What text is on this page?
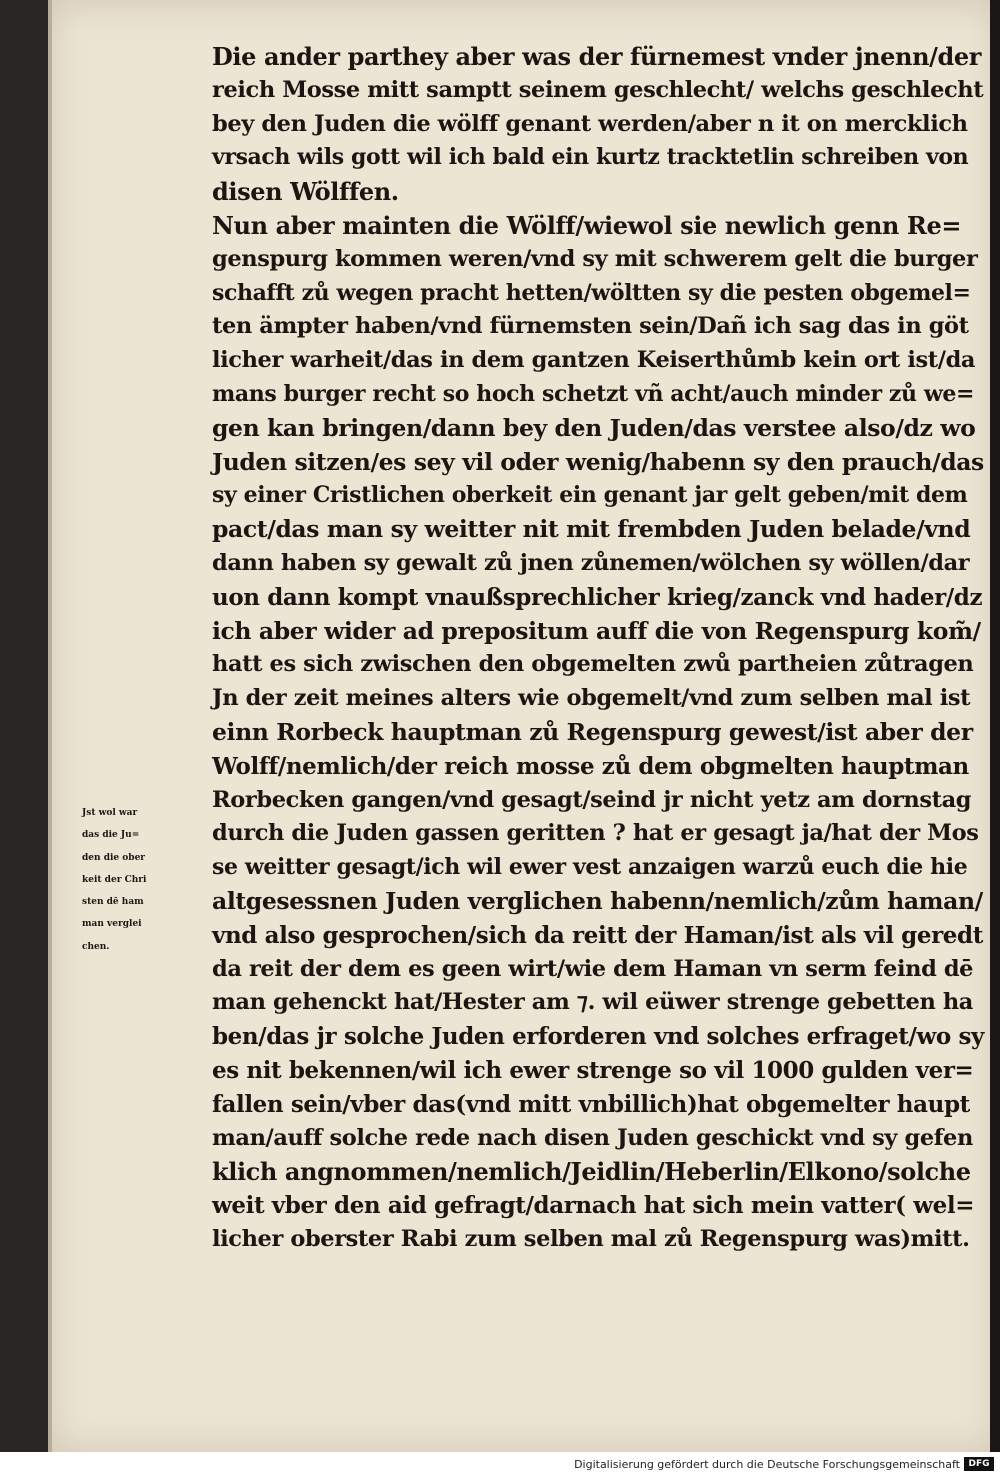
Die ander parthey aber was der fürnemest vnder jnenn/der
reich Mosse mitt samptt seinem geschlecht/ welchs geschlecht
bey den Juden die wölff genant werden/aber n it on mercklich
vrsach wils gott wil ich bald ein kurtz tracktetlin schreiben von
disen Wölffen.
Nun aber mainten die Wölff/wiewol sie newlich genn Re=
genspurg kommen weren/vnd sy mit schwerem gelt die burger
schafft zů wegen pracht hetten/wöltten sy die pesten obgemel=
ten ämpter haben/vnd fürnemsten sein/Dañ ich sag das in göt
licher warheit/das in dem gantzen Keiserthůmb kein ort ist/da
mans burger recht so hoch schetzt vñ acht/auch minder zů we=
gen kan bringen/dann bey den Juden/das verstee also/dz wo
Juden sitzen/es sey vil oder wenig/habenn sy den prauch/das
sy einer Cristlichen oberkeit ein genant jar gelt geben/mit dem
pact/das man sy weitter nit mit frembden Juden belade/vnd
dann haben sy gewalt zů jnen zůnemen/wölchen sy wöllen/dar
uon dann kompt vnaußsprechlicher krieg/zanck vnd hader/dz
ich aber wider ad prepositum auff die von Regenspurg kom̃/
hatt es sich zwischen den obgemelten zwů partheien zůtragen
Jn der zeit meines alters wie obgemelt/vnd zum selben mal ist
einn Rorbeck hauptman zů Regenspurg gewest/ist aber der
Wolff/nemlich/der reich mosse zů dem obgmelten hauptman
Rorbecken gangen/vnd gesagt/seind jr nicht yetz am dornstag
durch die Juden gassen geritten ? hat er gesagt ja/hat der Mos
se weitter gesagt/ich wil ewer vest anzaigen warzů euch die hie
altgesessnen Juden verglichen habenn/nemlich/zům haman/
vnd also gesprochen/sich da reitt der Haman/ist als vil geredt
da reit der dem es geen wirt/wie dem Haman vn serm feind dē
man gehenckt hat/Hester am ⁊. wil eüwer strenge gebetten ha
ben/das jr solche Juden erforderen vnd solches erfraget/wo sy
es nit bekennen/wil ich ewer strenge so vil 1000 gulden ver=
fallen sein/vber das(vnd mitt vnbillich)hat obgemelter haupt
man/auff solche rede nach disen Juden geschickt vnd sy gefen
klich angnommen/nemlich/Jeidlin/Heberlin/Elkono/solche
weit vber den aid gefragt/darnach hat sich mein vatter( wel=
licher oberster Rabi zum selben mal zů Regenspurg was)mitt.
Jst wol war
das die Ju=
den die ober
keit der Chri
sten dē ham
man verglei
chen.
Digitalisierung gefördert durch die Deutsche Forschungsgemeinschaft DFG
